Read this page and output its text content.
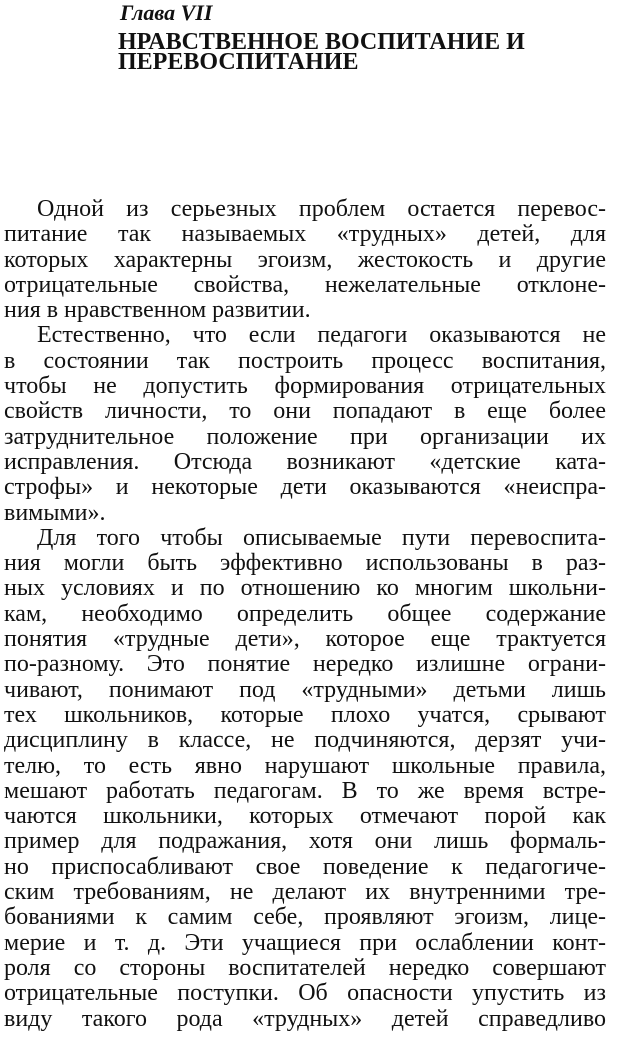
Глава VII
НРАВСТВЕННОЕ ВОСПИТАНИЕ И
ПЕРЕВОСПИТАНИЕ
Одной из серьезных проблем остается перевос-
питание так называемых «трудных» детей, для
которых характерны эгоизм, жестокость и другие
отрицательные свойства, нежелательные отклоне-
ния в нравственном развитии.
Естественно, что если педагоги оказываются не
в состоянии так построить процесс воспитания,
чтобы не допустить формирования отрицательных
свойств личности, то они попадают в еще более
затруднительное положение при организации их
исправления. Отсюда возникают «детские ката-
строфы» и некоторые дети оказываются «неиспра-
вимыми».
Для того чтобы описываемые пути перевоспита-
ния могли быть эффективно использованы в раз-
ных условиях и по отношению ко многим школьни-
кам, необходимо определить общее содержание
понятия «трудные дети», которое еще трактуется
по-разному. Это понятие нередко излишне ограни-
чивают, понимают под «трудными» детьми лишь
тех школьников, которые плохо учатся, срывают
дисциплину в классе, не подчиняются, дерзят учи-
телю, то есть явно нарушают школьные правила,
мешают работать педагогам. В то же время встре-
чаются школьники, которых отмечают порой как
пример для подражания, хотя они лишь формаль-
но приспосабливают свое поведение к педагогиче-
ским требованиям, не делают их внутренними тре-
бованиями к самим себе, проявляют эгоизм, лице-
мерие и т. д. Эти учащиеся при ослаблении конт-
роля со стороны воспитателей нередко совершают
отрицательные поступки. Об опасности упустить из
виду такого рода «трудных» детей справедливо
